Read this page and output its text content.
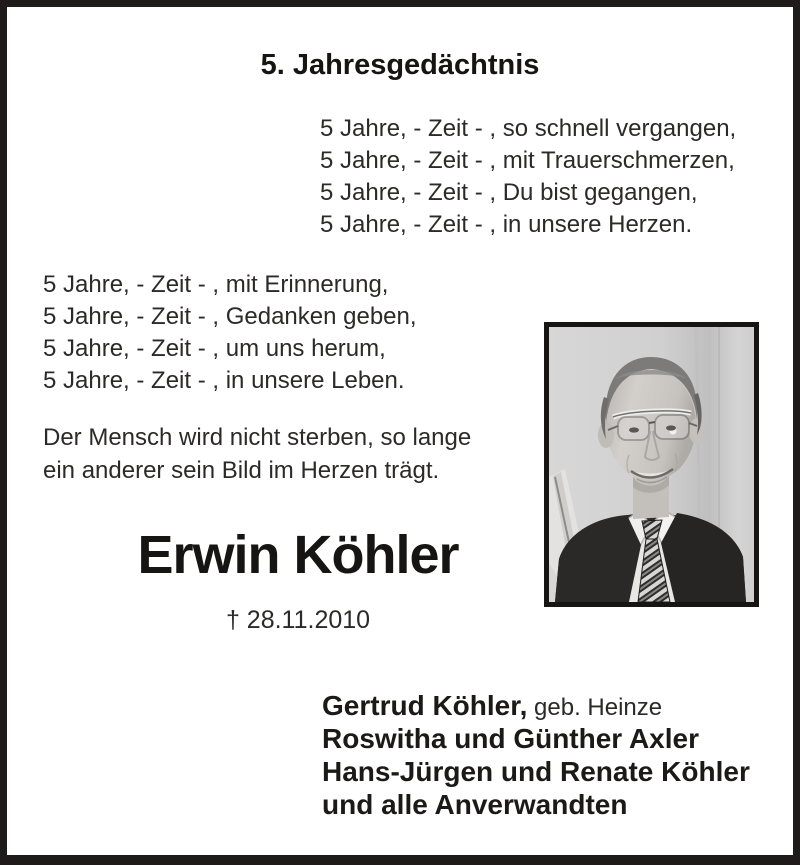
5. Jahresgedächtnis
5 Jahre, - Zeit - , so schnell vergangen,
5 Jahre, - Zeit - , mit Trauerschmerzen,
5 Jahre, - Zeit - , Du bist gegangen,
5 Jahre, - Zeit - , in unsere Herzen.
5 Jahre, - Zeit - , mit Erinnerung,
5 Jahre, - Zeit - , Gedanken geben,
5 Jahre, - Zeit - , um uns herum,
5 Jahre, - Zeit - , in unsere Leben.
Der Mensch wird nicht sterben, so lange
ein anderer sein Bild im Herzen trägt.
Erwin Köhler
† 28.11.2010
Gertrud Köhler, geb. Heinze
Roswitha und Günther Axler
Hans-Jürgen und Renate Köhler
und alle Anverwandten
